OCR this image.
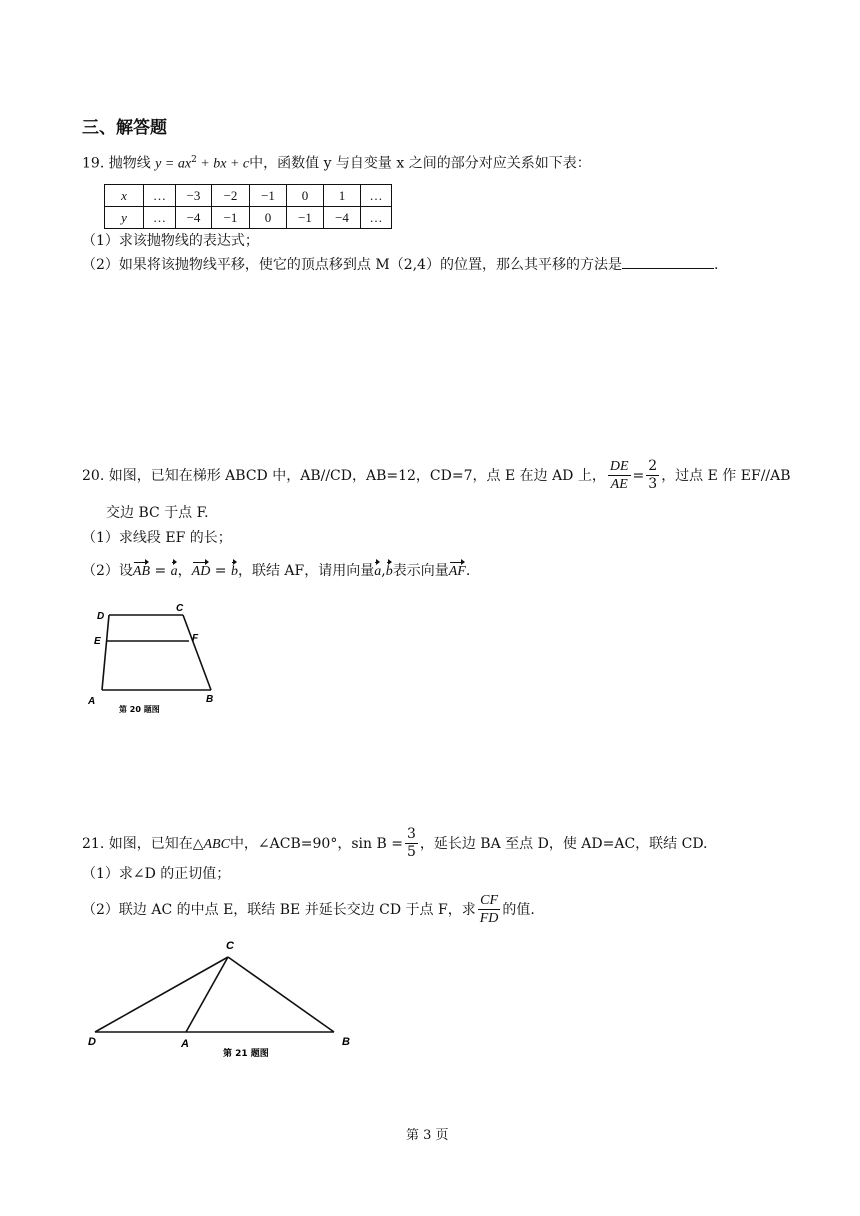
三、解答题
19. 抛物线 $y = ax^2$ + bx + c中，函数值 y 与自变量 x 之间的部分对应关系如下表：
x	…	−3	−2	−1	0	1	…
y	…	−4	−1	0	−1	−4	…
（1）求该抛物线的表达式；
（2）如果将该抛物线平移，使它的顶点移到点 M（2,4）的位置，那么其平移的方法是	.
20. 如图，已知在梯形 ABCD 中，AB//CD，AB=12，CD=7，点 E 在边 AD 上， $\frac{DE}{AE} = \frac{2}{3}$ ，过点 E 作 EF//AB
交边 BC 于点 F.
（1）求线段 EF 的长；
（2）设AB = a，AD = b，联结 AF，请用向量a,b表示向量AF.
D
C
E	F
A	B
第 20 题图
21. 如图，已知在△ABC中，∠ACB=90°，$\sin B = \frac{3}{5}$ ，延长边 BA 至点 D，使 AD=AC，联结 CD.
（1）求∠D 的正切值；
（2）联边 AC 的中点 E，联结 BE 并延长交边 CD 于点 F，求 $\frac{CF}{FD}$ 的值.
C
D	A	B
第 21 题图
第 3 页
